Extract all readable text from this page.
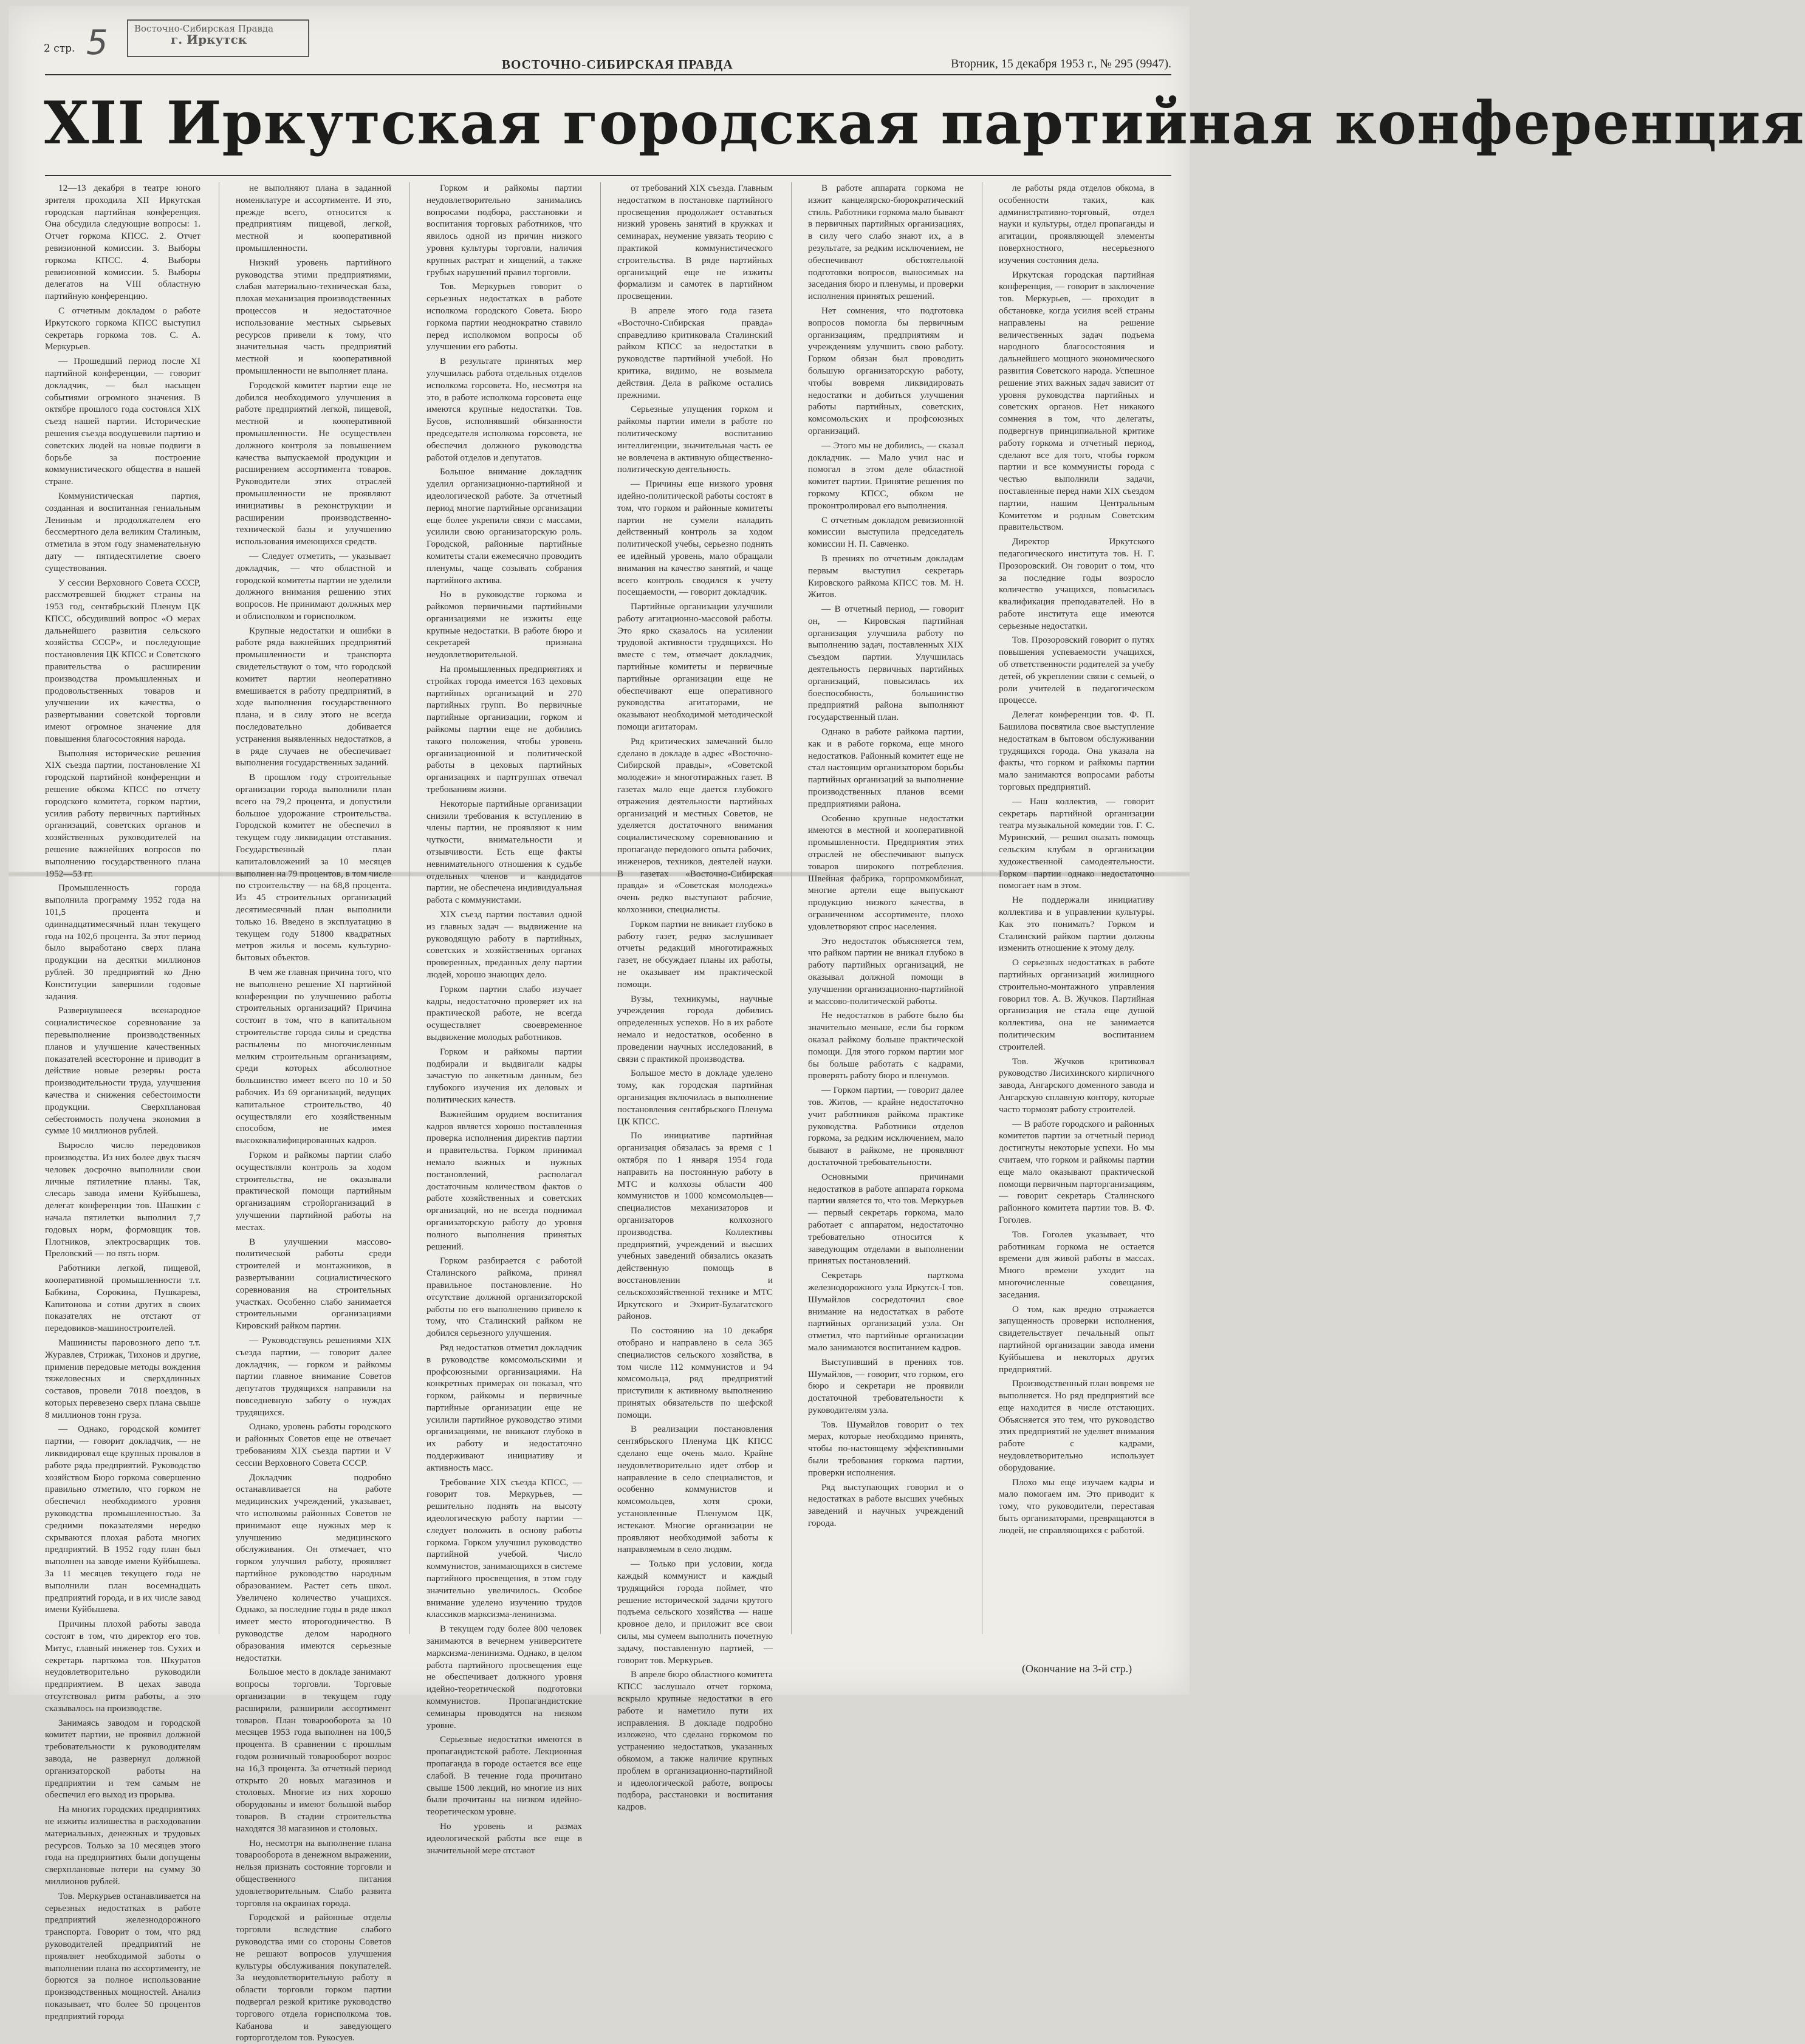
2 стр. 5	Восточно-Сибирская Правда
г. Иркутск
ВОСТОЧНО-СИБИРСКАЯ ПРАВДА	Вторник, 15 декабря 1953 г., № 295 (9947).
XII Иркутская городская партийная конференция

12—13 декабря в театре юного зрителя проходила XII Иркутская городская партийная конференция. Она обсудила следующие вопросы: 1. Отчет горкома КПСС. 2. Отчет ревизионной комиссии. 3. Выборы горкома КПСС. 4. Выборы ревизионной комиссии. 5. Выборы делегатов на VIII областную партийную конференцию.

С отчетным докладом о работе Иркутского горкома КПСС выступил секретарь горкома тов. С. А. Меркурьев.

— Прошедший период после XI партийной конференции, — говорит докладчик, — был насыщен событиями огромного значения. В октябре прошлого года состоялся XIX съезд нашей партии. Исторические решения съезда воодушевили партию и советских людей на новые подвиги в борьбе за построение коммунистического общества в нашей стране.

Коммунистическая партия, созданная и воспитанная гениальным Лениным и продолжателем его бессмертного дела великим Сталиным, отметила в этом году знаменательную дату — пятидесятилетие своего существования.

У сессии Верховного Совета СССР, рассмотревшей бюджет страны на 1953 год, сентябрьский Пленум ЦК КПСС, обсудивший вопрос «О мерах дальнейшего развития сельского хозяйства СССР», и последующие постановления ЦК КПСС и Советского правительства о расширении производства промышленных и продовольственных товаров и улучшении их качества, о развертывании советской торговли имеют огромное значение для повышения благосостояния народа.

Выполняя исторические решения XIX съезда партии, постановление XI городской партийной конференции и решение обкома КПСС по отчету городского комитета, горком партии, усилив работу первичных партийных организаций, советских органов и хозяйственных руководителей на решение важнейших вопросов по выполнению государственного плана 1952—53 гг.

Промышленность города выполнила программу 1952 года на 101,5 процента и одиннадцатимесячный план текущего года на 102,6 процента. За этот период было выработано сверх плана продукции на десятки миллионов рублей. 30 предприятий ко Дню Конституции завершили годовые задания.

Развернувшееся всенародное социалистическое соревнование за перевыполнение производственных планов и улучшение качественных показателей всесторонне и приводит в действие новые резервы роста производительности труда, улучшения качества и снижения себестоимости продукции. Сверхплановая себестоимость получена экономия в сумме 10 миллионов рублей.

Выросло число передовиков производства. Из них более двух тысяч человек досрочно выполнили свои личные пятилетние планы. Так, слесарь завода имени Куйбышева, делегат конференции тов. Шашкин с начала пятилетки выполнил 7,7 годовых норм, формовщик тов. Плотников, электросварщик тов. Преловский — по пять норм.

Работники легкой, пищевой, кооперативной промышленности т.т. Бабкина, Сорокина, Пушкарева, Капитонова и сотни других в своих показателях не отстают от передовиков-машиностроителей.

Машинисты паровозного депо т.т. Журавлев, Стрижак, Тихонов и другие, применив передовые методы вождения тяжеловесных и сверхдлинных составов, провели 7018 поездов, в которых перевезено сверх плана свыше 8 миллионов тонн груза.

— Однако, городской комитет партии, — говорит докладчик, — не ликвидировал еще крупных провалов в работе ряда предприятий. Руководство хозяйством Бюро горкома совершенно правильно отметило, что горком не обеспечил необходимого уровня руководства промышленностью. За средними показателями нередко скрываются плохая работа многих предприятий. В 1952 году план был выполнен на заводе имени Куйбышева. За 11 месяцев текущего года не выполнили план восемнадцать предприятий города, и в их числе завод имени Куйбышева.

Причины плохой работы завода состоят в том, что директор его тов. Митус, главный инженер тов. Сухих и секретарь парткома тов. Шкуратов неудовлетворительно руководили предприятием. В цехах завода отсутствовал ритм работы, а это сказывалось на производстве.

Занимаясь заводом и городской комитет партии, не проявил должной требовательности к руководителям завода, не развернул должной организаторской работы на предприятии и тем самым не обеспечил его выход из прорыва.

На многих городских предприятиях не изжиты излишества в расходовании материальных, денежных и трудовых ресурсов. Только за 10 месяцев этого года на предприятиях были допущены сверхплановые потери на сумму 30 миллионов рублей.

Тов. Меркурьев останавливается на серьезных недостатках в работе предприятий железнодорожного транспорта. Говорит о том, что ряд руководителей предприятий не проявляет необходимой заботы о выполнении плана по ассортименту, не борются за полное использование производственных мощностей. Анализ показывает, что более 50 процентов предприятий города

не выполняют плана в заданной номенклатуре и ассортименте. И это, прежде всего, относится к предприятиям пищевой, легкой, местной и кооперативной промышленности.

Низкий уровень партийного руководства этими предприятиями, слабая материально-техническая база, плохая механизация производственных процессов и недостаточное использование местных сырьевых ресурсов привели к тому, что значительная часть предприятий местной и кооперативной промышленности не выполняет плана.

Городской комитет партии еще не добился необходимого улучшения в работе предприятий легкой, пищевой, местной и кооперативной промышленности. Не осуществлен должного контроля за повышением качества выпускаемой продукции и расширением ассортимента товаров. Руководители этих отраслей промышленности не проявляют инициативы в реконструкции и расширении производственно-технической базы и улучшению использования имеющихся средств.

— Следует отметить, — указывает докладчик, — что областной и городской комитеты партии не уделили должного внимания решению этих вопросов. Не принимают должных мер и облисполком и горисполком.

Крупные недостатки и ошибки в работе ряда важнейших предприятий промышленности и транспорта свидетельствуют о том, что городской комитет партии неоперативно вмешивается в работу предприятий, в ходе выполнения государственного плана, и в силу этого не всегда последовательно добивается устранения выявленных недостатков, а в ряде случаев не обеспечивает выполнения государственных заданий.

В прошлом году строительные организации города выполнили план всего на 79,2 процента, и допустили большое удорожание строительства. Городской комитет не обеспечил в текущем году ликвидации отставания. Государственный план капиталовложений за 10 месяцев выполнен на 79 процентов, в том числе по строительству — на 68,8 процента. Из 45 строительных организаций десятимесячный план выполнили только 16. Введено в эксплуатацию в текущем году 51800 квадратных метров жилья и восемь культурно-бытовых объектов.

В чем же главная причина того, что не выполнено решение XI партийной конференции по улучшению работы строительных организаций? Причина состоит в том, что в капитальном строительстве города силы и средства распылены по многочисленным мелким строительным организациям, среди которых абсолютное большинство имеет всего по 10 и 50 рабочих. Из 69 организаций, ведущих капитальное строительство, 40 осуществляли его хозяйственным способом, не имея высококвалифицированных кадров.

Горком и райкомы партии слабо осуществляли контроль за ходом строительства, не оказывали практической помощи партийным организациям стройорганизаций в улучшении партийной работы на местах.

В улучшении массово-политической работы среди строителей и монтажников, в развертывании социалистического соревнования на строительных участках. Особенно слабо занимается строительными организациями Кировский райком партии.

— Руководствуясь решениями XIX съезда партии, — говорит далее докладчик, — горком и райкомы партии главное внимание Советов депутатов трудящихся направили на повседневную заботу о нуждах трудящихся.

Однако, уровень работы городского и районных Советов еще не отвечает требованиям XIX съезда партии и V сессии Верховного Совета СССР.

Докладчик подробно останавливается на работе медицинских учреждений, указывает, что исполкомы районных Советов не принимают еще нужных мер к улучшению медицинского обслуживания. Он отмечает, что горком улучшил работу, проявляет партийное руководство народным образованием. Растет сеть школ. Увеличено количество учащихся. Однако, за последние годы в ряде школ имеет место второгодничество. В руководстве делом народного образования имеются серьезные недостатки.

Большое место в докладе занимают вопросы торговли. Торговые организации в текущем году расширили, разширили ассортимент товаров. План товарооборота за 10 месяцев 1953 года выполнен на 100,5 процента. В сравнении с прошлым годом розничный товарооборот возрос на 16,3 процента. За отчетный период открыто 20 новых магазинов и столовых. Многие из них хорошо оборудованы и имеют большой выбор товаров. В стадии строительства находятся 38 магазинов и столовых.

Но, несмотря на выполнение плана товарооборота в денежном выражении, нельзя признать состояние торговли и общественного питания удовлетворительным. Слабо развита торговля на окраинах города.

Городской и районные отделы торговли вследствие слабого руководства ими со стороны Советов не решают вопросов улучшения культуры обслуживания покупателей. За неудовлетворительную работу в области торговли горком партии подвергал резкой критике руководство торгового отдела горисполкома тов. Кабанова и заведующего горторготделом тов. Рукосуев.

Горком и райкомы партии неудовлетворительно занимались вопросами подбора, расстановки и воспитания торговых работников, что явилось одной из причин низкого уровня культуры торговли, наличия крупных растрат и хищений, а также грубых нарушений правил торговли.

Тов. Меркурьев говорит о серьезных недостатках в работе исполкома городского Совета. Бюро горкома партии неоднократно ставило перед исполкомом вопросы об улучшении его работы.

В результате принятых мер улучшилась работа отдельных отделов исполкома горсовета. Но, несмотря на это, в работе исполкома горсовета еще имеются крупные недостатки. Тов. Бусов, исполнявший обязанности председателя исполкома горсовета, не обеспечил должного руководства работой отделов и депутатов.

Большое внимание докладчик уделил организационно-партийной и идеологической работе. За отчетный период многие партийные организации еще более укрепили связи с массами, усилили свою организаторскую роль. Городской, районные партийные комитеты стали ежемесячно проводить пленумы, чаще созывать собрания партийного актива.

Но в руководстве горкома и райкомов первичными партийными организациями не изжиты еще крупные недостатки. В работе бюро и секретарей признана неудовлетворительной.

На промышленных предприятиях и стройках города имеется 163 цеховых партийных организаций и 270 партийных групп. Во первичные партийные организации, горком и райкомы партии еще не добились такого положения, чтобы уровень организационной и политической работы в цеховых партийных организациях и партгруппах отвечал требованиям жизни.

Некоторые партийные организации снизили требования к вступлению в члены партии, не проявляют к ним чуткости, внимательности и отзывчивости. Есть еще факты невнимательного отношения к судьбе отдельных членов и кандидатов партии, не обеспечена индивидуальная работа с коммунистами.

XIX съезд партии поставил одной из главных задач — выдвижение на руководящую работу в партийных, советских и хозяйственных органах проверенных, преданных делу партии людей, хорошо знающих дело.

Горком партии слабо изучает кадры, недостаточно проверяет их на практической работе, не всегда осуществляет своевременное выдвижение молодых работников.

Горком и райкомы партии подбирали и выдвигали кадры зачастую по анкетным данным, без глубокого изучения их деловых и политических качеств.

Важнейшим орудием воспитания кадров является хорошо поставленная проверка исполнения директив партии и правительства. Горком принимал немало важных и нужных постановлений, располагал достаточным количеством фактов о работе хозяйственных и советских организаций, но не всегда поднимал организаторскую работу до уровня полного выполнения принятых решений.

Горком разбирается с работой Сталинского райкома, принял правильное постановление. Но отсутствие должной организаторской работы по его выполнению привело к тому, что Сталинский райком не добился серьезного улучшения.

Ряд недостатков отметил докладчик в руководстве комсомольскими и профсоюзными организациями. На конкретных примерах он показал, что горком, райкомы и первичные партийные организации еще не усилили партийное руководство этими организациями, не вникают глубоко в их работу и недостаточно поддерживают инициативу и активность масс.

Требование XIX съезда КПСС, — говорит тов. Меркурьев, — решительно поднять на высоту идеологическую работу партии — следует положить в основу работы горкома. Горком улучшил руководство партийной учебой. Число коммунистов, занимающихся в системе партийного просвещения, в этом году значительно увеличилось. Особое внимание уделено изучению трудов классиков марксизма-ленинизма.

В текущем году более 800 человек занимаются в вечернем университете марксизма-ленинизма. Однако, в целом работа партийного просвещения еще не обеспечивает должного уровня идейно-теоретической подготовки коммунистов. Пропагандистские семинары проводятся на низком уровне.

Серьезные недостатки имеются в пропагандистской работе. Лекционная пропаганда в городе остается все еще слабой. В течение года прочитано свыше 1500 лекций, но многие из них были прочитаны на низком идейно-теоретическом уровне.

Но уровень и размах идеологической работы все еще в значительной мере отстают

от требований XIX съезда. Главным недостатком в постановке партийного просвещения продолжает оставаться низкий уровень занятий в кружках и семинарах, неумение увязать теорию с практикой коммунистического строительства. В ряде партийных организаций еще не изжиты формализм и самотек в партийном просвещении.

В апреле этого года газета «Восточно-Сибирская правда» справедливо критиковала Сталинский райком КПСС за недостатки в руководстве партийной учебой. Но критика, видимо, не возымела действия. Дела в райкоме остались прежними.

Серьезные упущения горком и райкомы партии имели в работе по политическому воспитанию интеллигенции, значительная часть ее не вовлечена в активную общественно-политическую деятельность.

— Причины еще низкого уровня идейно-политической работы состоят в том, что горком и районные комитеты партии не сумели наладить действенный контроль за ходом политической учебы, серьезно поднять ее идейный уровень, мало обращали внимания на качество занятий, и чаще всего контроль сводился к учету посещаемости, — говорит докладчик.

Партийные организации улучшили работу агитационно-массовой работы. Это ярко сказалось на усилении трудовой активности трудящихся. Но вместе с тем, отмечает докладчик, партийные комитеты и первичные партийные организации еще не обеспечивают еще оперативного руководства агитаторами, не оказывают необходимой методической помощи агитаторам.

Ряд критических замечаний было сделано в докладе в адрес «Восточно-Сибирской правды», «Советской молодежи» и многотиражных газет. В газетах мало еще дается глубокого отражения деятельности партийных организаций и местных Советов, не уделяется достаточного внимания социалистическому соревнованию и пропаганде передового опыта рабочих, инженеров, техников, деятелей науки. В газетах «Восточно-Сибирская правда» и «Советская молодежь» очень редко выступают рабочие, колхозники, специалисты.

Горком партии не вникает глубоко в работу газет, редко заслушивает отчеты редакций многотиражных газет, не обсуждает планы их работы, не оказывает им практической помощи.

Вузы, техникумы, научные учреждения города добились определенных успехов. Но в их работе немало и недостатков, особенно в проведении научных исследований, в связи с практикой производства.

Большое место в докладе уделено тому, как городская партийная организация включилась в выполнение постановления сентябрьского Пленума ЦК КПСС.

По инициативе партийная организация обязалась за время с 1 октября по 1 января 1954 года направить на постоянную работу в МТС и колхозы области 400 коммунистов и 1000 комсомольцев—специалистов механизаторов и организаторов колхозного производства. Коллективы предприятий, учреждений и высших учебных заведений обязались оказать действенную помощь в восстановлении и сельскохозяйственной технике и МТС Иркутского и Эхирит-Булагатского районов.

По состоянию на 10 декабря отобрано и направлено в села 365 специалистов сельского хозяйства, в том числе 112 коммунистов и 94 комсомольца, ряд предприятий приступили к активному выполнению принятых обязательств по шефской помощи.

В реализации постановления сентябрьского Пленума ЦК КПСС сделано еще очень мало. Крайне неудовлетворительно идет отбор и направление в село специалистов, и особенно коммунистов и комсомольцев, хотя сроки, установленные Пленумом ЦК, истекают. Многие организации не проявляют необходимой заботы к направляемым в село людям.

— Только при условии, когда каждый коммунист и каждый трудящийся города поймет, что решение исторической задачи крутого подъема сельского хозяйства — наше кровное дело, и приложит все свои силы, мы сумеем выполнить почетную задачу, поставленную партией, — говорит тов. Меркурьев.

В апреле бюро областного комитета КПСС заслушало отчет горкома, вскрыло крупные недостатки в его работе и наметило пути их исправления. В докладе подробно изложено, что сделано горкомом по устранению недостатков, указанных обкомом, а также наличие крупных проблем в организационно-партийной и идеологической работе, вопросы подбора, расстановки и воспитания кадров.

В работе аппарата горкома не изжит канцелярско-бюрократический стиль. Работники горкома мало бывают в первичных партийных организациях, в силу чего слабо знают их, а в результате, за редким исключением, не обеспечивают обстоятельной подготовки вопросов, выносимых на заседания бюро и пленумы, и проверки исполнения принятых решений.

Нет сомнения, что подготовка вопросов помогла бы первичным организациям, предприятиям и учреждениям улучшить свою работу. Горком обязан был проводить большую организаторскую работу, чтобы вовремя ликвидировать недостатки и добиться улучшения работы партийных, советских, комсомольских и профсоюзных организаций.

— Этого мы не добились, — сказал докладчик. — Мало учил нас и помогал в этом деле областной комитет партии. Принятие решения по горкому КПСС, обком не проконтролировал его выполнения.

С отчетным докладом ревизионной комиссии выступила председатель комиссии Н. П. Савченко.

В прениях по отчетным докладам первым выступил секретарь Кировского райкома КПСС тов. М. Н. Житов.

— В отчетный период, — говорит он, — Кировская партийная организация улучшила работу по выполнению задач, поставленных XIX съездом партии. Улучшилась деятельность первичных партийных организаций, повысилась их боеспособность, большинство предприятий района выполняют государственный план.

Однако в работе райкома партии, как и в работе горкома, еще много недостатков. Районный комитет еще не стал настоящим организатором борьбы партийных организаций за выполнение производственных планов всеми предприятиями района.

Особенно крупные недостатки имеются в местной и кооперативной промышленности. Предприятия этих отраслей не обеспечивают выпуск товаров широкого потребления. Швейная фабрика, горпромкомбинат, многие артели еще выпускают продукцию низкого качества, в ограниченном ассортименте, плохо удовлетворяют спрос населения.

Это недостаток объясняется тем, что райком партии не вникал глубоко в работу партийных организаций, не оказывал должной помощи в улучшении организационно-партийной и массово-политической работы.

Не недостатков в работе было бы значительно меньше, если бы горком оказал райкому больше практической помощи. Для этого горком партии мог бы больше работать с кадрами, проверять работу бюро и пленумов.

— Горком партии, — говорит далее тов. Житов, — крайне недостаточно учит работников райкома практике руководства. Работники отделов горкома, за редким исключением, мало бывают в райкоме, не проявляют достаточной требовательности.

Основными причинами недостатков в работе аппарата горкома партии является то, что тов. Меркурьев — первый секретарь горкома, мало работает с аппаратом, недостаточно требовательно относится к заведующим отделами в выполнении принятых постановлений.

Секретарь парткома железнодорожного узла Иркутск-I тов. Шумайлов сосредоточил свое внимание на недостатках в работе партийных организаций узла. Он отметил, что партийные организации мало занимаются воспитанием кадров.

Выступивший в прениях тов. Шумайлов, — говорит, что горком, его бюро и секретари не проявили достаточной требовательности к руководителям узла.

Тов. Шумайлов говорит о тех мерах, которые необходимо принять, чтобы по-настоящему эффективными были требования горкома партии, проверки исполнения.

Ряд выступающих говорил и о недостатках в работе высших учебных заведений и научных учреждений города.

ле работы ряда отделов обкома, в особенности таких, как административно-торговый, отдел науки и культуры, отдел пропаганды и агитации, проявляющей элементы поверхностного, несерьезного изучения состояния дела.

Иркутская городская партийная конференция, — говорит в заключение тов. Меркурьев, — проходит в обстановке, когда усилия всей страны направлены на решение величественных задач подъема народного благосостояния и дальнейшего мощного экономического развития Советского народа. Успешное решение этих важных задач зависит от уровня руководства партийных и советских органов. Нет никакого сомнения в том, что делегаты, подвергнув принципиальной критике работу горкома и отчетный период, сделают все для того, чтобы горком партии и все коммунисты города с честью выполнили задачи, поставленные перед нами XIX съездом партии, нашим Центральным Комитетом и родным Советским правительством.

Директор Иркутского педагогического института тов. Н. Г. Прозоровский. Он говорит о том, что за последние годы возросло количество учащихся, повысилась квалификация преподавателей. Но в работе института еще имеются серьезные недостатки.

Тов. Прозоровский говорит о путях повышения успеваемости учащихся, об ответственности родителей за учебу детей, об укреплении связи с семьей, о роли учителей в педагогическом процессе.

Делегат конференции тов. Ф. П. Башилова посвятила свое выступление недостаткам в бытовом обслуживании трудящихся города. Она указала на факты, что горком и райкомы партии мало занимаются вопросами работы торговых предприятий.

— Наш коллектив, — говорит секретарь партийной организации театра музыкальной комедии тов. Г. С. Муринский, — решил оказать помощь сельским клубам в организации художественной самодеятельности. Горком партии однако недостаточно помогает нам в этом.

Не поддержали инициативу коллектива и в управлении культуры. Как это понимать? Горком и Сталинский райком партии должны изменить отношение к этому делу.

О серьезных недостатках в работе партийных организаций жилищного строительно-монтажного управления говорил тов. А. В. Жучков. Партийная организация не стала еще душой коллектива, она не занимается политическим воспитанием строителей.

Тов. Жучков критиковал руководство Лисихинского кирпичного завода, Ангарского доменного завода и Ангарскую сплавную контору, которые часто тормозят работу строителей.

— В работе городского и районных комитетов партии за отчетный период достигнуты некоторые успехи. Но мы считаем, что горком и райкомы партии еще мало оказывают практической помощи первичным парторганизациям, — говорит секретарь Сталинского районного комитета партии тов. В. Ф. Гоголев.

Тов. Гоголев указывает, что работникам горкома не остается времени для живой работы в массах. Много времени уходит на многочисленные совещания, заседания.

О том, как вредно отражается запущенность проверки исполнения, свидетельствует печальный опыт партийной организации завода имени Куйбышева и некоторых других предприятий.

Производственный план вовремя не выполняется. Но ряд предприятий все еще находится в числе отстающих. Объясняется это тем, что руководство этих предприятий не уделяет внимания работе с кадрами, неудовлетворительно использует оборудование.

Плохо мы еще изучаем кадры и мало помогаем им. Это приводит к тому, что руководители, переставая быть организаторами, превращаются в людей, не справляющихся с работой.

(Окончание на 3-й стр.)
